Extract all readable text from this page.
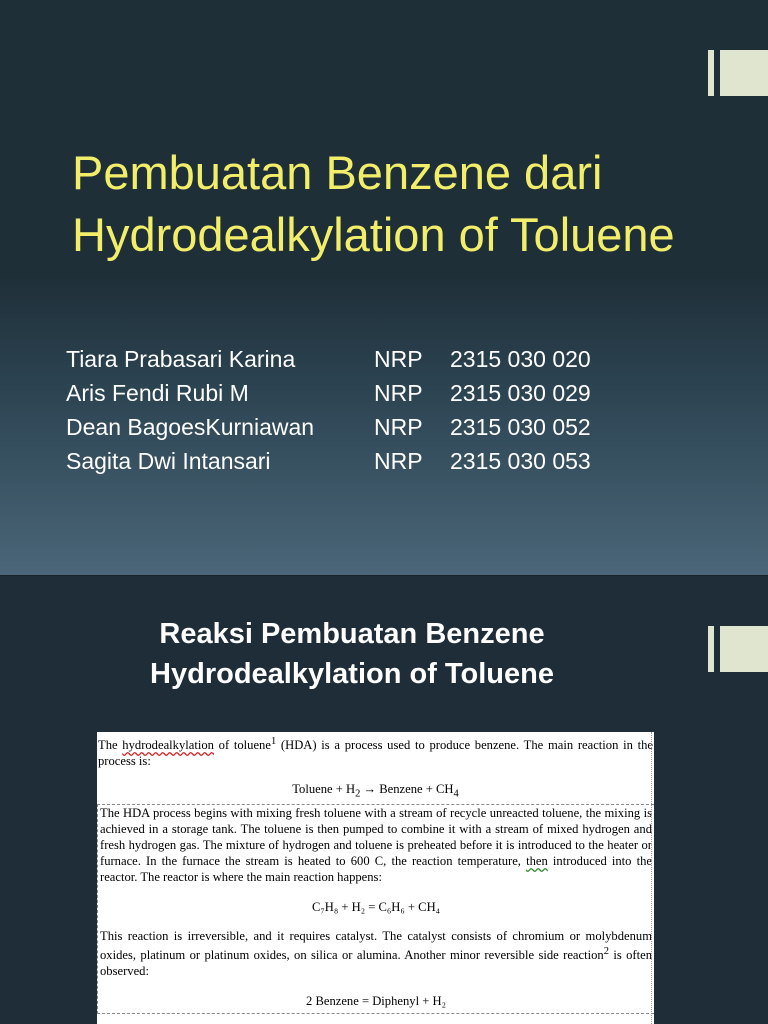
Pembuatan Benzene dari Hydrodealkylation of Toluene
Tiara Prabasari Karina	NRP 2315 030 020
Aris Fendi Rubi M	NRP 2315 030 029
Dean BagoesKurniawan	NRP 2315 030 052
Sagita Dwi Intansari	NRP 2315 030 053
Reaksi Pembuatan Benzene
Hydrodealkylation of Toluene

The hydrodealkylation of toluene$^1$ (HDA) is a process used to produce benzene. The main reaction in the process is:

Toluene + $H_2$ → Benzene + $CH_4$

The HDA process begins with mixing fresh toluene with a stream of recycle unreacted toluene, the mixing is achieved in a storage tank. The toluene is then pumped to combine it with a stream of mixed hydrogen and fresh hydrogen gas. The mixture of hydrogen and toluene is preheated before it is introduced to the heater or furnace. In the furnace the stream is heated to 600 C, the reaction temperature, then introduced into the reactor. The reactor is where the main reaction happens:

C₇H₈ + H₂ = C₆H₆ + CH₄

This reaction is irreversible, and it requires catalyst. The catalyst consists of chromium or molybdenum oxides, platinum or platinum oxides, on silica or alumina. Another minor reversible side reaction$^2$ is often observed:

2 Benzene = Diphenyl + H₂
